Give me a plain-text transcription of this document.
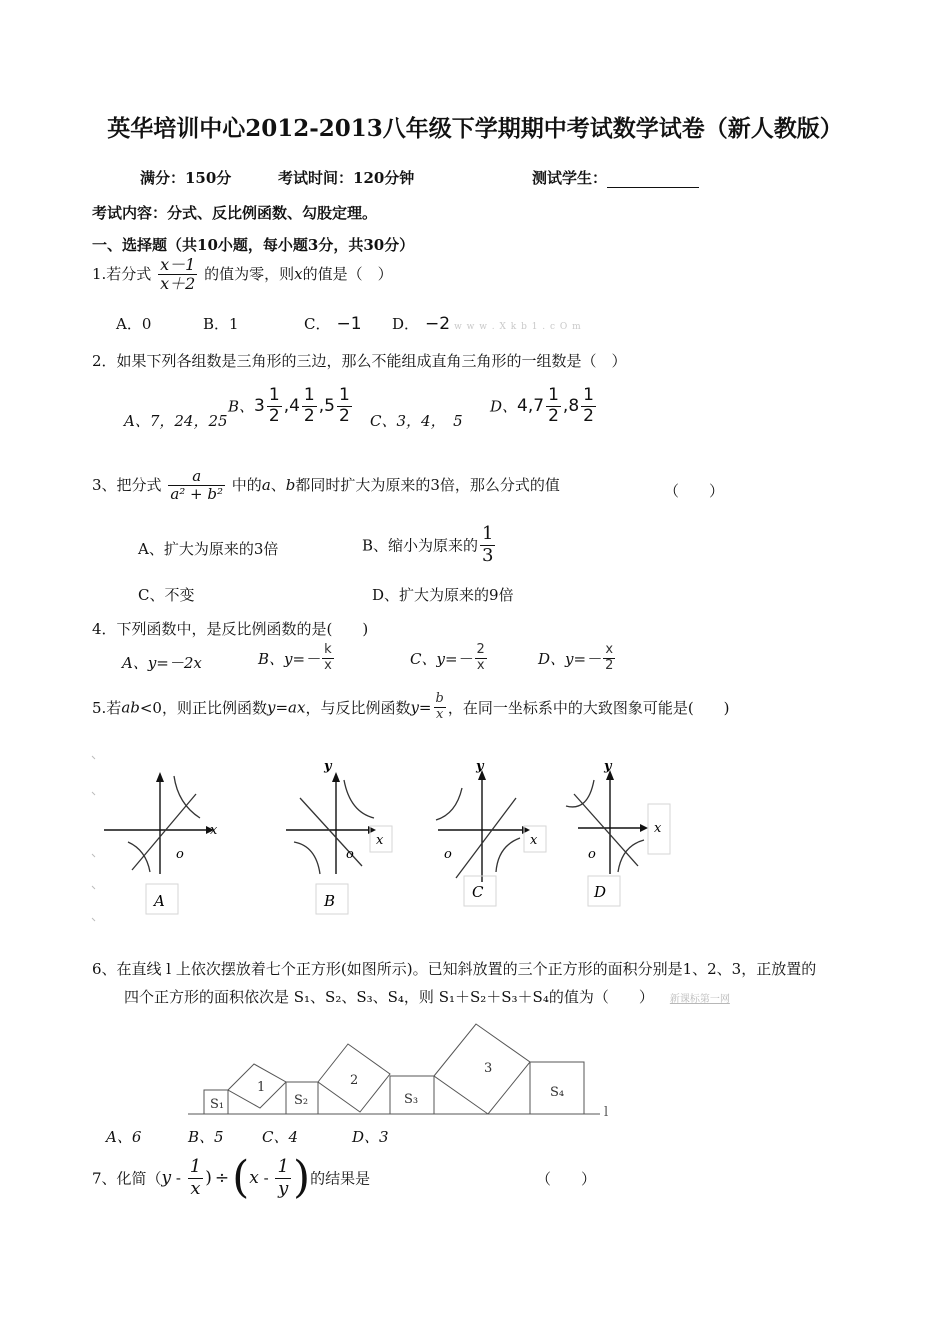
英华培训中心2012-2013八年级下学期期中考试数学试卷（新人教版）
满分：150分	考试时间：120分钟	测试学生：
考试内容：分式、反比例函数、勾股定理。
一、选择题（共10小题，每小题3分，共30分）
1.若分式 $\frac{x-1}{x+2}$ 的值为零，则x的值是（　）
A．0	B．1	C． −1 D． −2 w w w . X k b 1 . c O m
2．如果下列各组数是三角形的三边，那么不能组成直角三角形的一组数是（　）
A、7，24，25
B、$3 \frac{1}{2} ,4 \frac{1}{2} ,5 \frac{1}{2}$ C、3，4，　5
D、$4,7 \frac{1}{2} ,8 \frac{1}{2}$
3、把分式 $\frac{a}{\text{a² + b²}}$ 中的a、b都同时扩大为原来的3倍，那么分式的值	（　　）
A、扩大为原来的3倍	B、缩小为原来的 $\frac{1}{3}$
C、不变	D、扩大为原来的9倍
4．下列函数中，是反比例函数的是(　　)
A、y=－2x	B、$y=- \frac{k}{x}$	C、$y=- \frac{2}{x}$	D、$y=- \frac{x}{2}$
5.若ab<0，则正比例函数y=ax，与反比例函数$y= \frac{b}{x}$ ，在同一坐标系中的大致图象可能是(　　)
x
o
A
y
x
o
B
y
x
o
C
y
x
o
D
6、在直线 l 上依次摆放着七个正方形(如图所示)。已知斜放置的三个正方形的面积分别是1、2、3，正放置的
四个正方形的面积依次是 S₁、S₂、S₃、S₄，则 S₁＋S₂＋S₃＋S₄的值为（　　） 新课标第一网
1	2
3
S₁	S₂	S₃	S₄
l
A、6	B、5	C、4	D、3
7、化简（$y - \frac{1}{x}$ ) $\div(x - \frac{1}{y}$ )的结果是	（　　）
